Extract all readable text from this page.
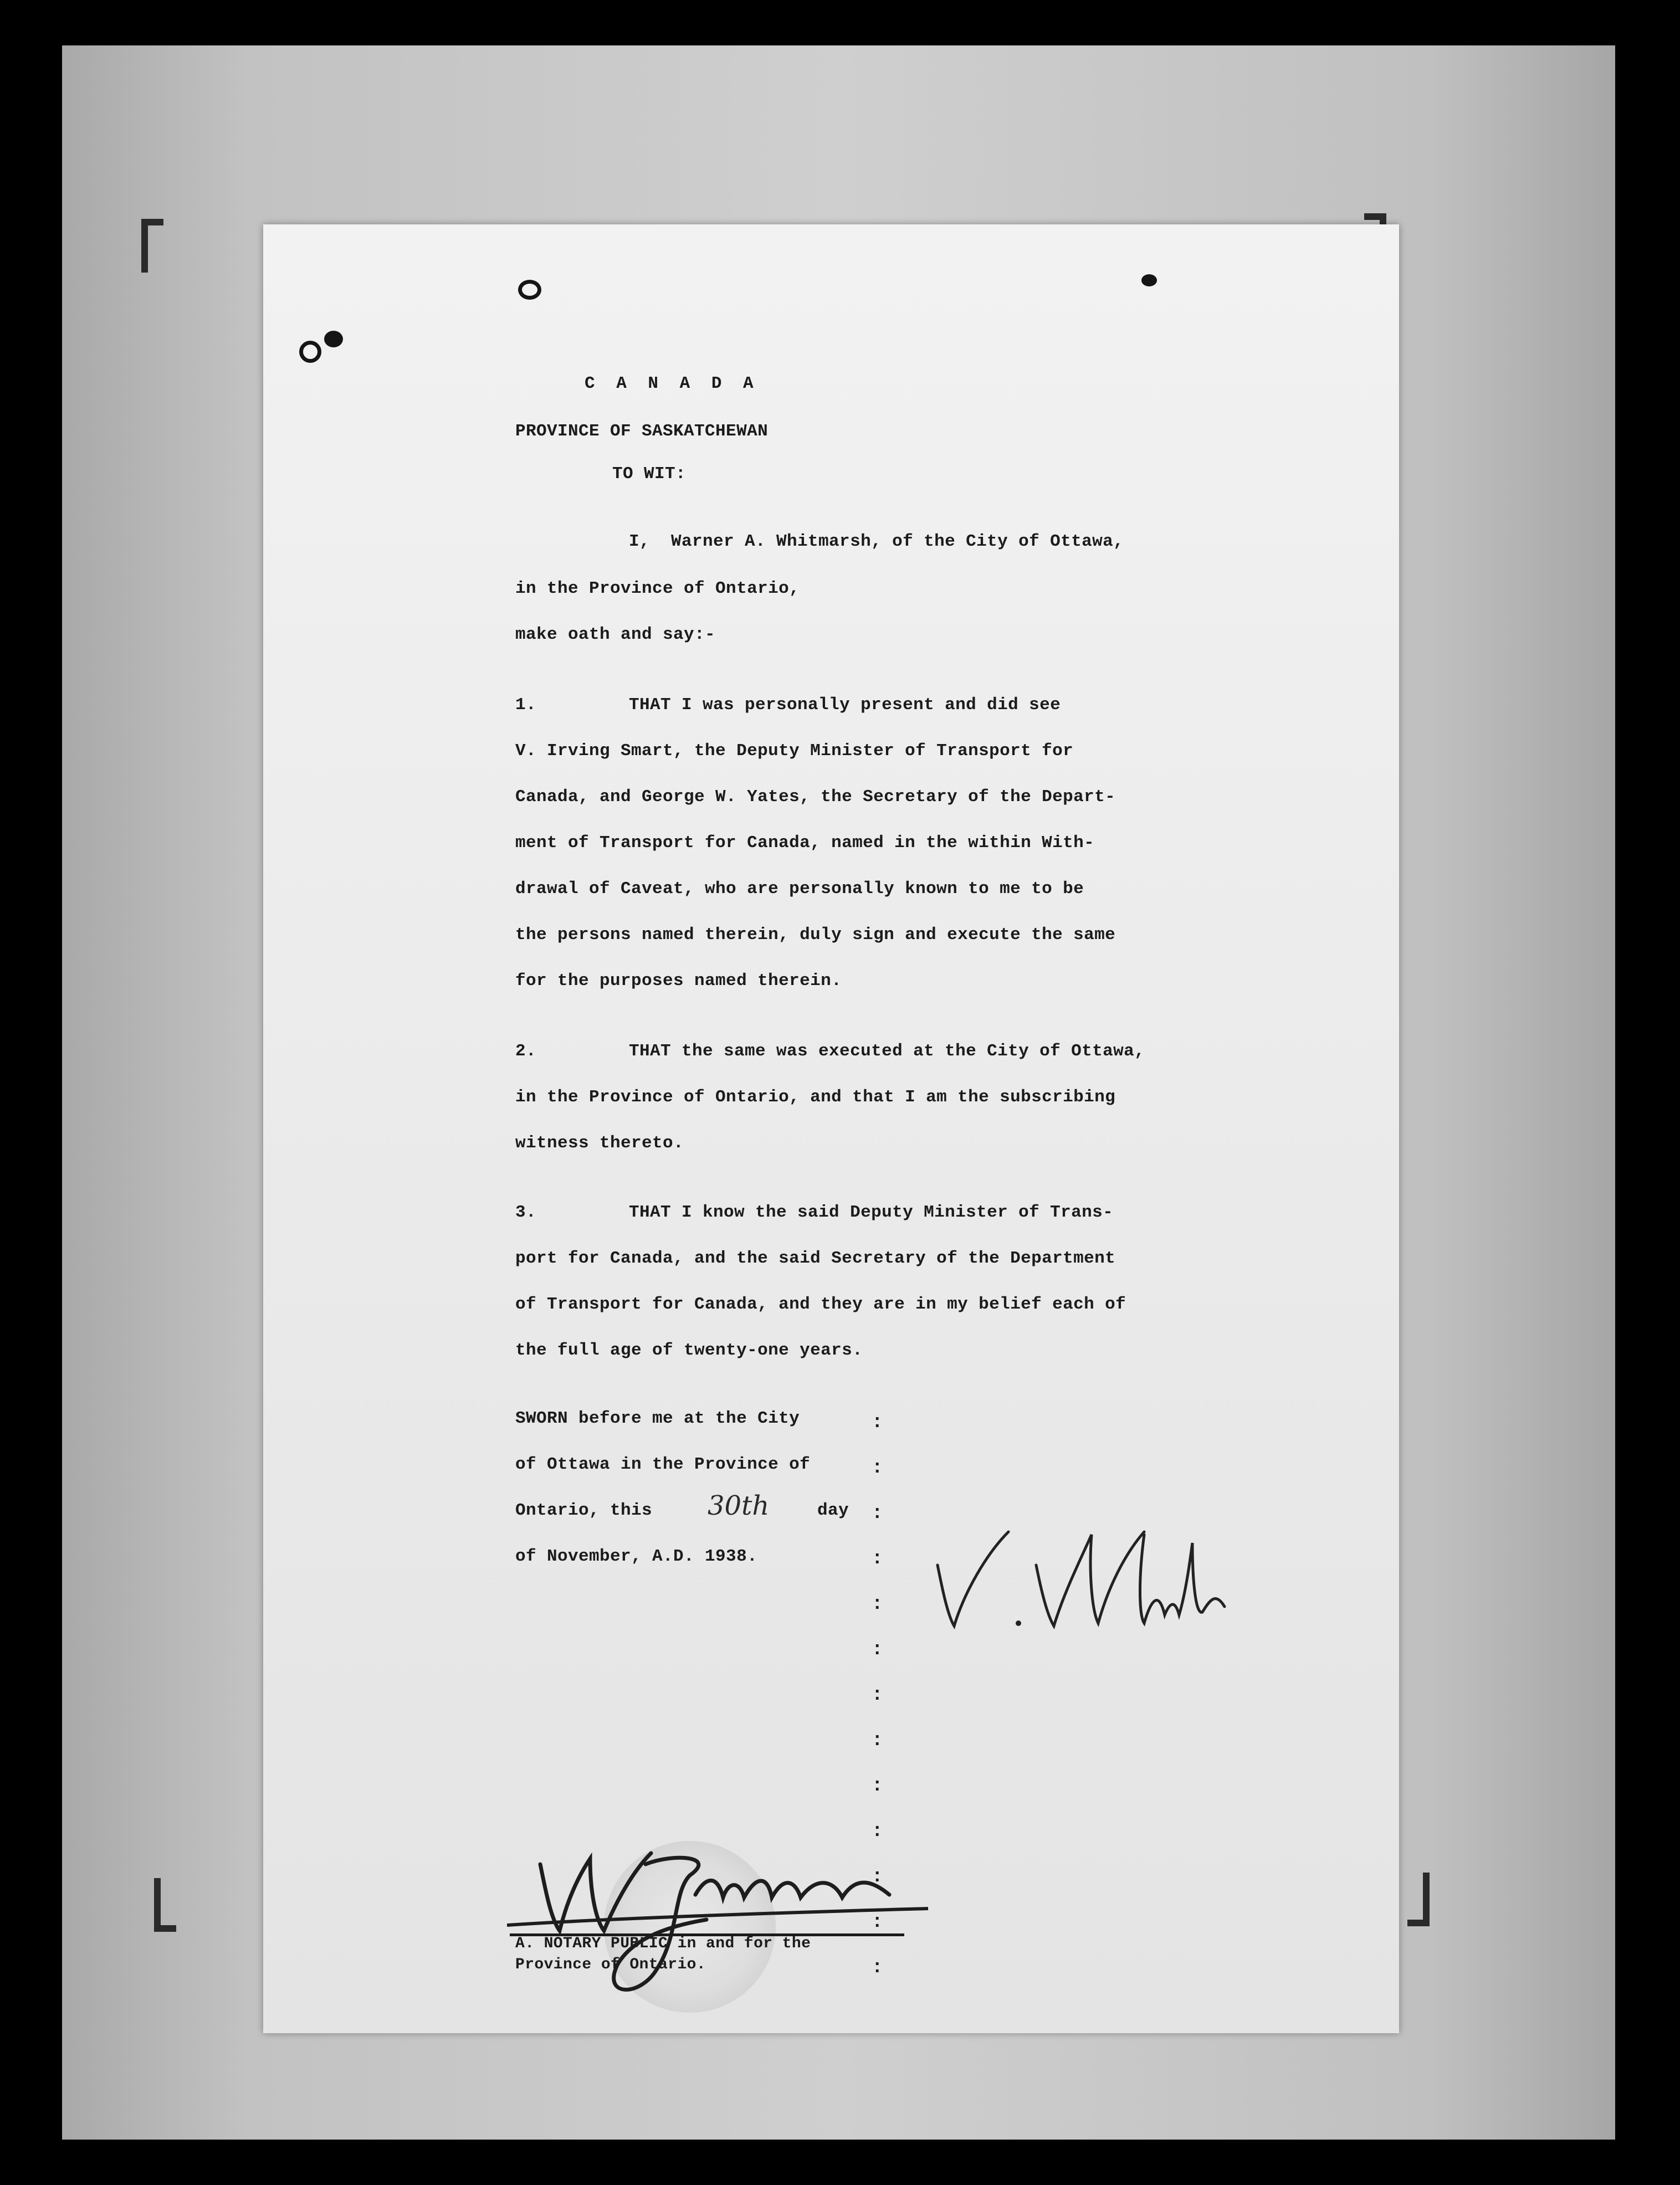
C A N A D A
PROVINCE OF SASKATCHEWAN
TO WIT:
I,  Warner A. Whitmarsh, of the City of Ottawa,
in the Province of Ontario,
make oath and say:-
1.	THAT I was personally present and did see
V. Irving Smart, the Deputy Minister of Transport for
Canada, and George W. Yates, the Secretary of the Depart-
ment of Transport for Canada, named in the within With-
drawal of Caveat, who are personally known to me to be
the persons named therein, duly sign and execute the same
for the purposes named therein.
2.	THAT the same was executed at the City of Ottawa,
in the Province of Ontario, and that I am the subscribing
witness thereto.
3.	THAT I know the said Deputy Minister of Trans-
port for Canada, and the said Secretary of the Department
of Transport for Canada, and they are in my belief each of
the full age of twenty-one years.
SWORN before me at the City
of Ottawa in the Province of
Ontario, this 30th	day
of November, A.D. 1938.
:
:
:
:
:
:
:
:
:
:
:
:
:
A. NOTARY PUBLIC in and for the
Province of Ontario.
